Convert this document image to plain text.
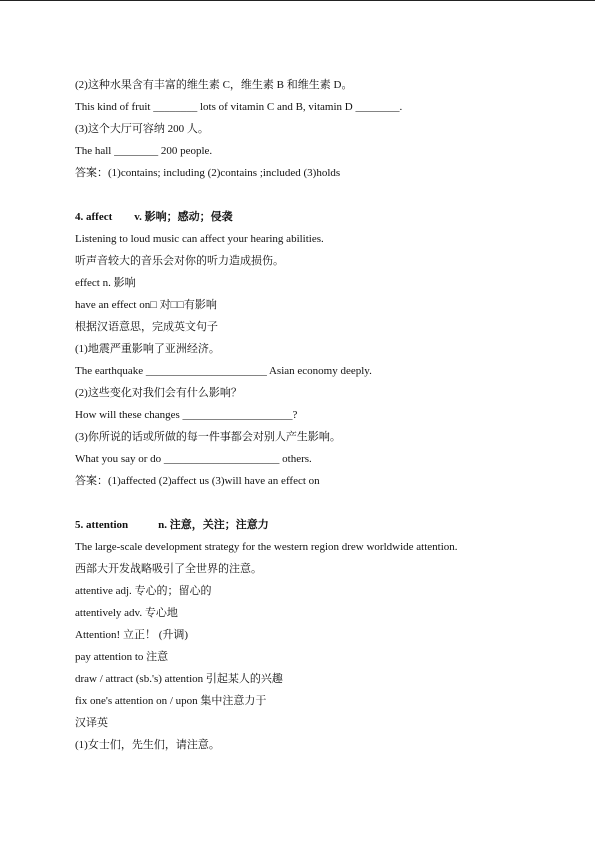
(2)这种水果含有丰富的维生素 C，维生素 B 和维生素 D。
This kind of fruit ________ lots of vitamin C and B, vitamin D ________.
(3)这个大厅可容纳 200 人。
The hall ________ 200 people.
答案：(1)contains; including (2)contains ;included (3)holds
4. affect v. 影响；感动；侵袭
Listening to loud music can affect your hearing abilities.
听声音较大的音乐会对你的听力造成损伤。
effect n. 影响
have an effect on□ 对□□有影响
根据汉语意思，完成英文句子
(1)地震严重影响了亚洲经济。
The earthquake ______________________ Asian economy deeply.
(2)这些变化对我们会有什么影响？
How will these changes ____________________?
(3)你所说的话或所做的每一件事都会对别人产生影响。
What you say or do _____________________ others.
答案：(1)affected (2)affect us (3)will have an effect on
5. attention	n. 注意，关注；注意力
The large-scale development strategy for the western region drew worldwide attention.
西部大开发战略吸引了全世界的注意。
attentive adj. 专心的；留心的
attentively adv. 专心地
Attention! 立正！ (升调)
pay attention to 注意
draw / attract (sb.'s) attention 引起某人的兴趣
fix one's attention on / upon 集中注意力于
汉译英
(1)女士们，先生们，请注意。
